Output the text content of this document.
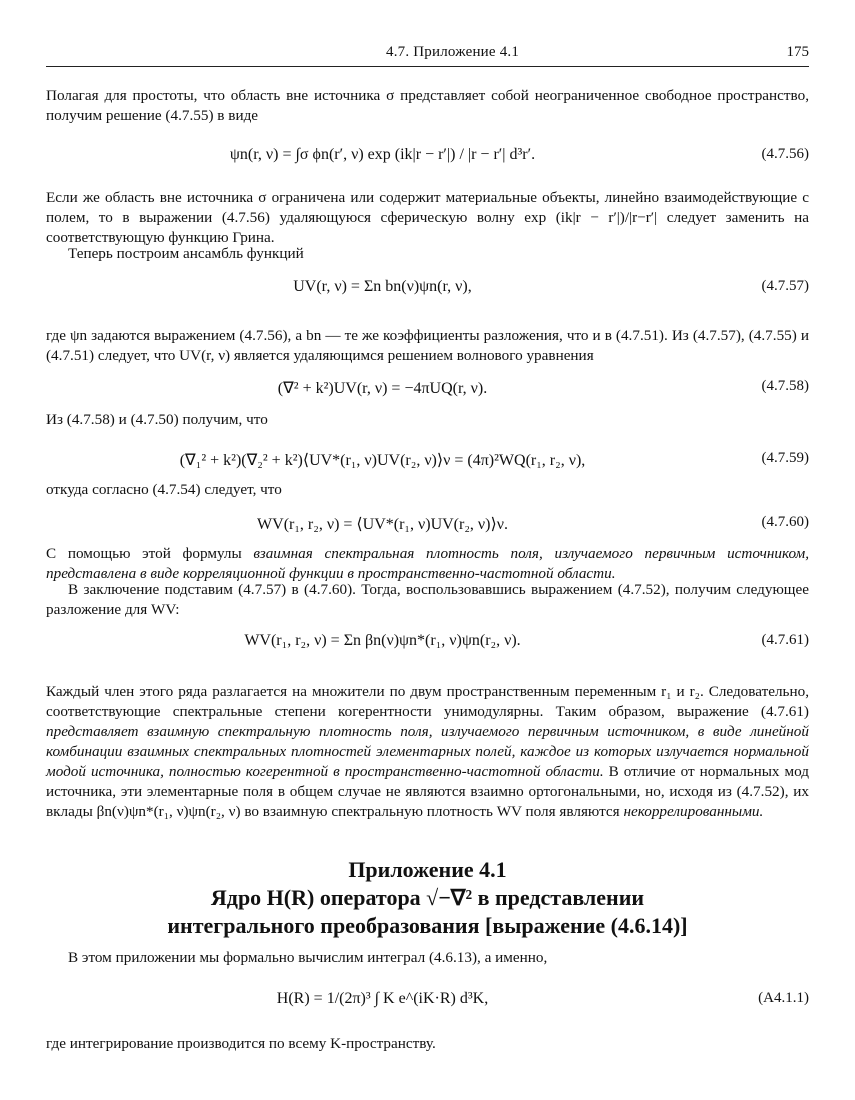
4.7. Приложение 4.1	175

Полагая для простоты, что область вне источника σ представляет собой неограниченное свободное пространство, получим решение (4.7.55) в виде

ψn(r, ν) = ∫σ ϕn(r′, ν) exp (ik|r − r′|) / |r − r′| d³r′.	(4.7.56)

Если же область вне источника σ ограничена или содержит материальные объекты, линейно взаимодействующие с полем, то в выражении (4.7.56) удаляющуюся сферическую волну exp (ik|r − r′|)/|r−r′| следует заменить на соответствующую функцию Грина.

Теперь построим ансамбль функций

UV(r, ν) = Σn bn(ν)ψn(r, ν),	(4.7.57)

где ψn задаются выражением (4.7.56), а bn — те же коэффициенты разложения, что и в (4.7.51). Из (4.7.57), (4.7.55) и (4.7.51) следует, что UV(r, ν) является удаляющимся решением волнового уравнения

(∇² + k²)UV(r, ν) = −4πUQ(r, ν).	(4.7.58)

Из (4.7.58) и (4.7.50) получим, что

(∇₁² + k²)(∇₂² + k²)⟨UV*(r₁, ν)UV(r₂, ν)⟩ν = (4π)²WQ(r₁, r₂, ν),	(4.7.59)

откуда согласно (4.7.54) следует, что

WV(r₁, r₂, ν) = ⟨UV*(r₁, ν)UV(r₂, ν)⟩ν.	(4.7.60)

С помощью этой формулы взаимная спектральная плотность поля, излучаемого первичным источником, представлена в виде корреляционной функции в пространственно-частотной области.

В заключение подставим (4.7.57) в (4.7.60). Тогда, воспользовавшись выражением (4.7.52), получим следующее разложение для WV:

WV(r₁, r₂, ν) = Σn βn(ν)ψn*(r₁, ν)ψn(r₂, ν).	(4.7.61)

Каждый член этого ряда разлагается на множители по двум пространственным переменным r₁ и r₂. Следовательно, соответствующие спектральные степени когерентности унимодулярны. Таким образом, выражение (4.7.61) представляет взаимную спектральную плотность поля, излучаемого первичным источником, в виде линейной комбинации взаимных спектральных плотностей элементарных полей, каждое из которых излучается нормальной модой источника, полностью когерентной в пространственно-частотной области. В отличие от нормальных мод источника, эти элементарные поля в общем случае не являются взаимно ортогональными, но, исходя из (4.7.52), их вклады βn(ν)ψn*(r₁, ν)ψn(r₂, ν) во взаимную спектральную плотность WV поля являются некоррелированными.

Приложение 4.1
Ядро H(R) оператора √−∇² в представлении
интегрального преобразования [выражение (4.6.14)]

В этом приложении мы формально вычислим интеграл (4.6.13), а именно,

H(R) = 1/(2π)³ ∫ K e^(iK·R) d³K,	(A4.1.1)

где интегрирование производится по всему K-пространству.
